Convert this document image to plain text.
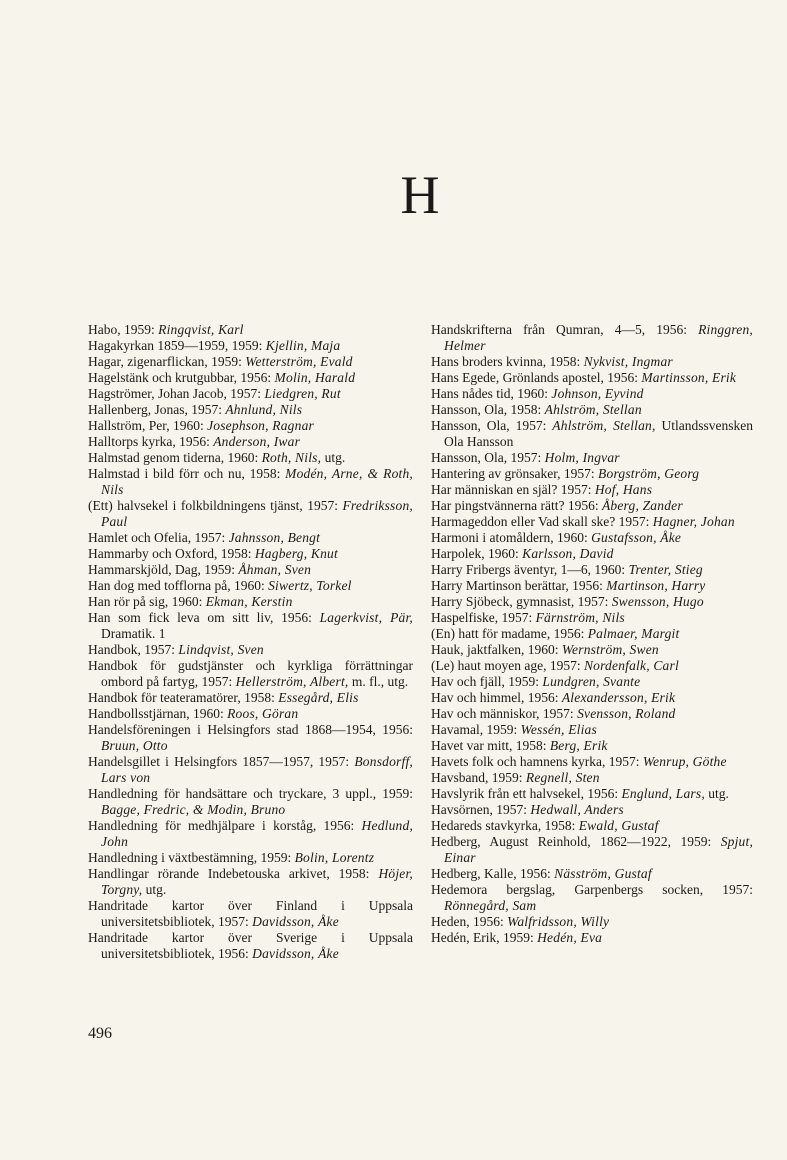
H
Habo, 1959: Ringqvist, Karl
Hagakyrkan 1859—1959, 1959: Kjellin, Maja
Hagar, zigenarflickan, 1959: Wetterström, Evald
Hagelstänk och krutgubbar, 1956: Molin, Harald
Hagströmer, Johan Jacob, 1957: Liedgren, Rut
Hallenberg, Jonas, 1957: Ahnlund, Nils
Hallström, Per, 1960: Josephson, Ragnar
Halltorps kyrka, 1956: Anderson, Iwar
Halmstad genom tiderna, 1960: Roth, Nils, utg.
Halmstad i bild förr och nu, 1958: Modén, Arne, & Roth, Nils
(Ett) halvsekel i folkbildningens tjänst, 1957: Fredriksson, Paul
Hamlet och Ofelia, 1957: Jahnsson, Bengt
Hammarby och Oxford, 1958: Hagberg, Knut
Hammarskjöld, Dag, 1959: Åhman, Sven
Han dog med tofflorna på, 1960: Siwertz, Torkel
Han rör på sig, 1960: Ekman, Kerstin
Han som fick leva om sitt liv, 1956: Lagerkvist, Pär, Dramatik. 1
Handbok, 1957: Lindqvist, Sven
Handbok för gudstjänster och kyrkliga förrättningar ombord på fartyg, 1957: Hellerström, Albert, m. fl., utg.
Handbok för teateramatörer, 1958: Essegård, Elis
Handbollsstjärnan, 1960: Roos, Göran
Handelsföreningen i Helsingfors stad 1868—1954, 1956: Bruun, Otto
Handelsgillet i Helsingfors 1857—1957, 1957: Bonsdorff, Lars von
Handledning för handsättare och tryckare, 3 uppl., 1959: Bagge, Fredric, & Modin, Bruno
Handledning för medhjälpare i korståg, 1956: Hedlund, John
Handledning i växtbestämning, 1959: Bolin, Lorentz
Handlingar rörande Indebetouska arkivet, 1958: Höjer, Torgny, utg.
Handritade kartor över Finland i Uppsala universitetsbibliotek, 1957: Davidsson, Åke
Handritade kartor över Sverige i Uppsala universitetsbibliotek, 1956: Davidsson, Åke
Handskrifterna från Qumran, 4—5, 1956: Ringgren, Helmer
Hans broders kvinna, 1958: Nykvist, Ingmar
Hans Egede, Grönlands apostel, 1956: Martinsson, Erik
Hans nådes tid, 1960: Johnson, Eyvind
Hansson, Ola, 1958: Ahlström, Stellan
Hansson, Ola, 1957: Ahlström, Stellan, Utlandssvensken Ola Hansson
Hansson, Ola, 1957: Holm, Ingvar
Hantering av grönsaker, 1957: Borgström, Georg
Har människan en själ? 1957: Hof, Hans
Har pingstvännerna rätt? 1956: Åberg, Zander
Harmageddon eller Vad skall ske? 1957: Hagner, Johan
Harmoni i atomåldern, 1960: Gustafsson, Åke
Harpolek, 1960: Karlsson, David
Harry Fribergs äventyr, 1—6, 1960: Trenter, Stieg
Harry Martinson berättar, 1956: Martinson, Harry
Harry Sjöbeck, gymnasist, 1957: Swensson, Hugo
Haspelfiske, 1957: Färnström, Nils
(En) hatt för madame, 1956: Palmaer, Margit
Hauk, jaktfalken, 1960: Wernström, Swen
(Le) haut moyen age, 1957: Nordenfalk, Carl
Hav och fjäll, 1959: Lundgren, Svante
Hav och himmel, 1956: Alexandersson, Erik
Hav och människor, 1957: Svensson, Roland
Havamal, 1959: Wessén, Elias
Havet var mitt, 1958: Berg, Erik
Havets folk och hamnens kyrka, 1957: Wenrup, Göthe
Havsband, 1959: Regnell, Sten
Havslyrik från ett halvsekel, 1956: Englund, Lars, utg.
Havsörnen, 1957: Hedwall, Anders
Hedareds stavkyrka, 1958: Ewald, Gustaf
Hedberg, August Reinhold, 1862—1922, 1959: Spjut, Einar
Hedberg, Kalle, 1956: Näsström, Gustaf
Hedemora bergslag, Garpenbergs socken, 1957: Rönnegård, Sam
Heden, 1956: Walfridsson, Willy
Hedén, Erik, 1959: Hedén, Eva
496
